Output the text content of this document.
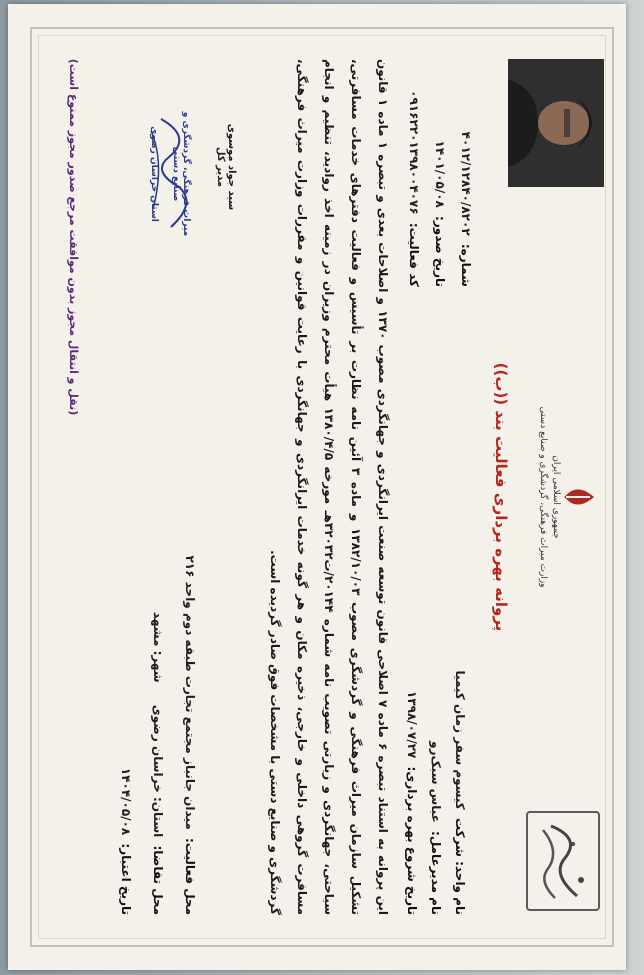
جمهوری اسلامی ایران
وزارت میراث فرهنگی، گردشگری و صنایع دستی
پروانه بهره برداری فعالیت بند ((ب))
نام واحد: شرکت کیسوم سفر زمان کیمیا
نام مدیرعامل: عباس سبک‌رو
تاریخ شروع بهره برداری: ۱۳۹۸/۰۷/۲۷
شماره: ۴۰۱۲/۱۲۸۴۰/۸۲۰۲
تاریخ صدور: ۱۴۰۱/۰۵/۰۸
کد فعالیت: ۰۹۱۶۲۲۰۱۳۹۸۰۰۴۰۷۶
این پروانه به استناد تبصره ۶ ماده ۷ اصلاحی قانون توسعه صنعت ایرانگردی و جهانگردی مصوب ۱۳۷۰ و اصلاحات بعدی و تبصره ۱ ماده ۱ قانون تشکیل سازمان میراث فرهنگی و گردشگری مصوب ۱۳۸۲/۱۰/۰۳ و ماده ۳ آئین نامه نظارت بر تأسیس و فعالیت دفترهای خدمات مسافرتی، سیاحتی، جهانگردی و زیارتی تصویب نامه شماره ۲۰۱۴۴/ت۳۲۰۳۲هـ مورخه ۱۳۸۰/۴/۵ هیأت محترم وزیران در زمینه اخذ روادید، تنظیم و انجام مسافرت گروهی داخلی و خارجی، ذخیره مکان و هر گونه خدمات ایرانگردی و جهانگردی با رعایت قوانین و مقررات وزارت میراث فرهنگی، گردشگری و صنایع دستی با مشخصات فوق صادر گردیده است.
محل فعالیت: میدان جانباز مجتمع تجارت طبقه دوم واحد ۲۱۶
محل تقاضا: استان: خراسان رضوی شهر: مشهد
تاریخ اعتبار: ۱۴۰۴/۰۵/۰۸
سید جواد موسوی
مدیر کل
میراث فرهنگی، گردشگری و صنایع دستی
استان خراسان رضوی
(نقل و انتقال مجوز بدون موافقت مرجع صدور مجوز ممنوع است)
